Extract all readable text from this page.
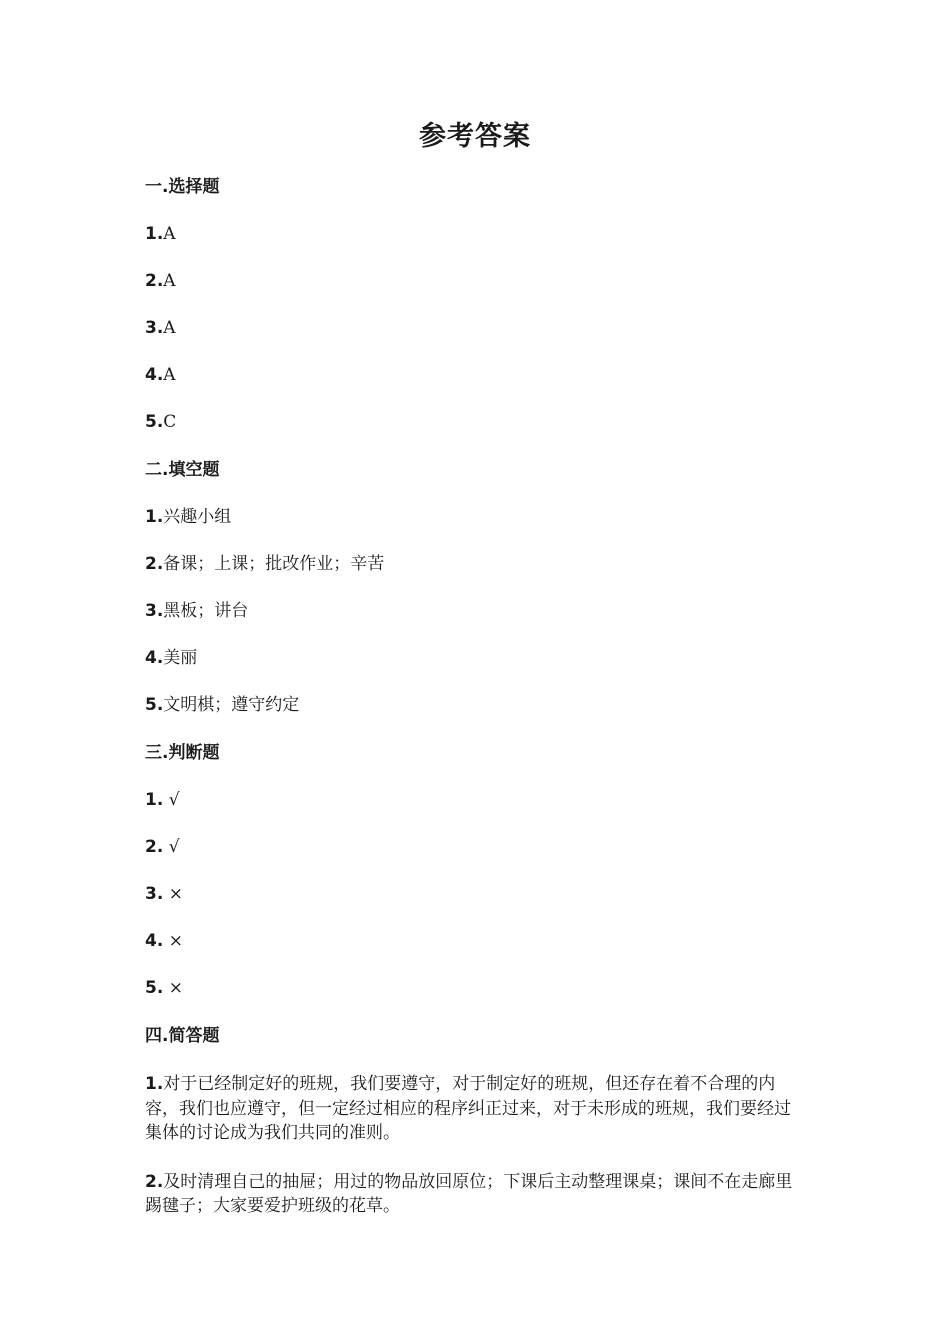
参考答案
一.选择题
1.A
2.A
3.A
4.A
5.C
二.填空题
1.兴趣小组
2.备课；上课；批改作业；辛苦
3.黑板；讲台
4.美丽
5.文明棋；遵守约定
三.判断题
1. √
2. √
3. ×
4. ×
5. ×
四.简答题
1.对于已经制定好的班规，我们要遵守，对于制定好的班规，但还存在着不合理的内容，我们也应遵守，但一定经过相应的程序纠正过来，对于未形成的班规，我们要经过集体的讨论成为我们共同的准则。
2.及时清理自己的抽屉；用过的物品放回原位；下课后主动整理课桌；课间不在走廊里踢毽子；大家要爱护班级的花草。
